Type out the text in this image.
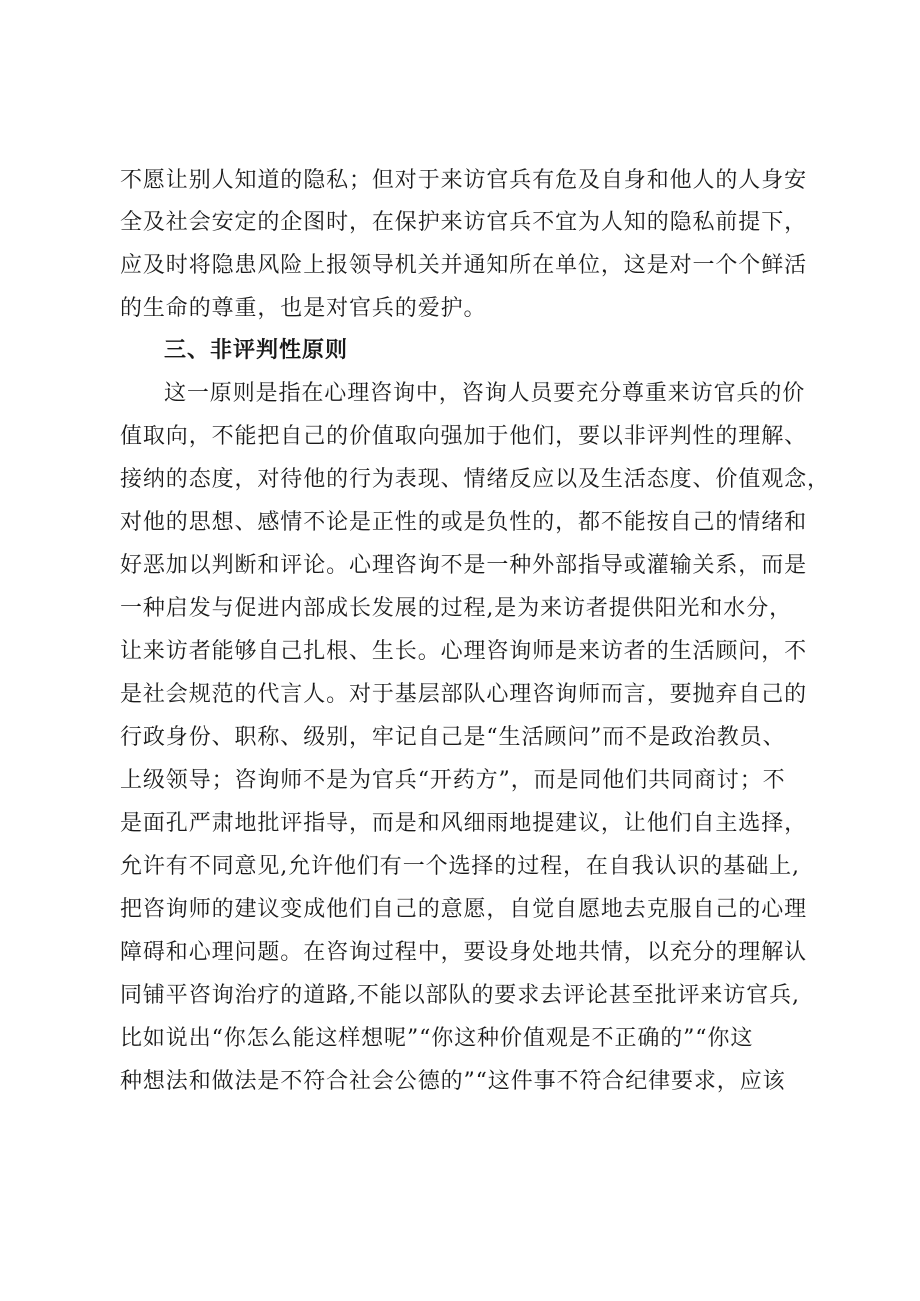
不愿让别人知道的隐私；但对于来访官兵有危及自身和他人的人身安
全及社会安定的企图时，在保护来访官兵不宜为人知的隐私前提下，
应及时将隐患风险上报领导机关并通知所在单位，这是对一个个鲜活
的生命的尊重，也是对官兵的爱护。
三、非评判性原则
这一原则是指在心理咨询中，咨询人员要充分尊重来访官兵的价
值取向，不能把自己的价值取向强加于他们，要以非评判性的理解、
接纳的态度，对待他的行为表现、情绪反应以及生活态度、价值观念，
对他的思想、感情不论是正性的或是负性的，都不能按自己的情绪和
好恶加以判断和评论。心理咨询不是一种外部指导或灌输关系，而是
一种启发与促进内部成长发展的过程,是为来访者提供阳光和水分，
让来访者能够自己扎根、生长。心理咨询师是来访者的生活顾问，不
是社会规范的代言人。对于基层部队心理咨询师而言，要抛弃自己的
行政身份、职称、级别，牢记自己是“生活顾问”而不是政治教员、
上级领导；咨询师不是为官兵“开药方”，而是同他们共同商讨；不
是面孔严肃地批评指导，而是和风细雨地提建议，让他们自主选择，
允许有不同意见,允许他们有一个选择的过程，在自我认识的基础上,
把咨询师的建议变成他们自己的意愿，自觉自愿地去克服自己的心理
障碍和心理问题。在咨询过程中，要设身处地共情，以充分的理解认
同铺平咨询治疗的道路,不能以部队的要求去评论甚至批评来访官兵,
比如说出“你怎么能这样想呢”“你这种价值观是不正确的”“你这
种想法和做法是不符合社会公德的”“这件事不符合纪律要求，应该
